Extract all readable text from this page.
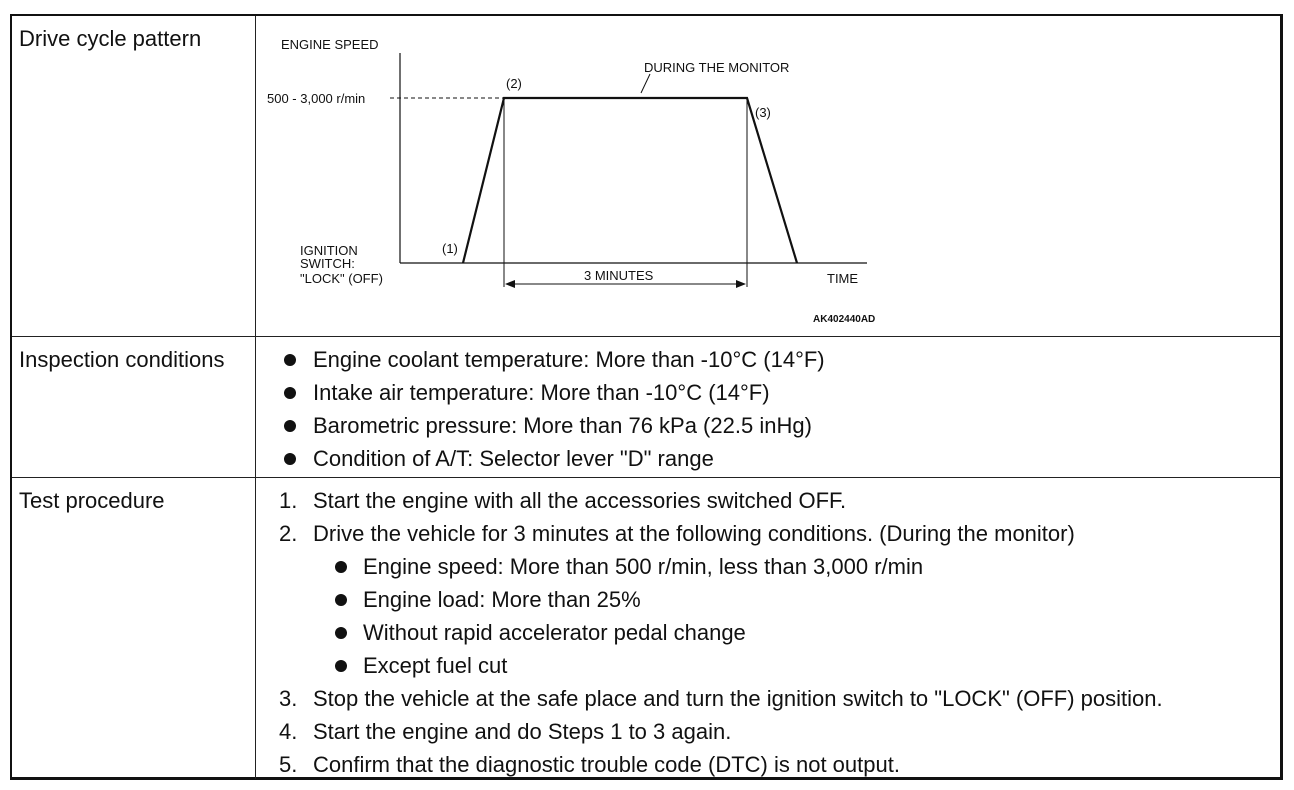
Drive cycle pattern	ENGINE SPEED
500 - 3,000 r/min
DURING THE MONITOR
(2)
(3)
(1)
IGNITION
SWITCH:
"LOCK" (OFF)	3 MINUTES	TIME
AK402440AD
Inspection conditions	Engine coolant temperature: More than -10°C (14°F)
Intake air temperature: More than -10°C (14°F)
Barometric pressure: More than 76 kPa (22.5 inHg)
Condition of A/T: Selector lever "D" range
Test procedure	1. Start the engine with all the accessories switched OFF.
2. Drive the vehicle for 3 minutes at the following conditions. (During the monitor)
Engine speed: More than 500 r/min, less than 3,000 r/min
Engine load: More than 25%
Without rapid accelerator pedal change
Except fuel cut
3. Stop the vehicle at the safe place and turn the ignition switch to "LOCK" (OFF) position.
4. Start the engine and do Steps 1 to 3 again.
5. Confirm that the diagnostic trouble code (DTC) is not output.
